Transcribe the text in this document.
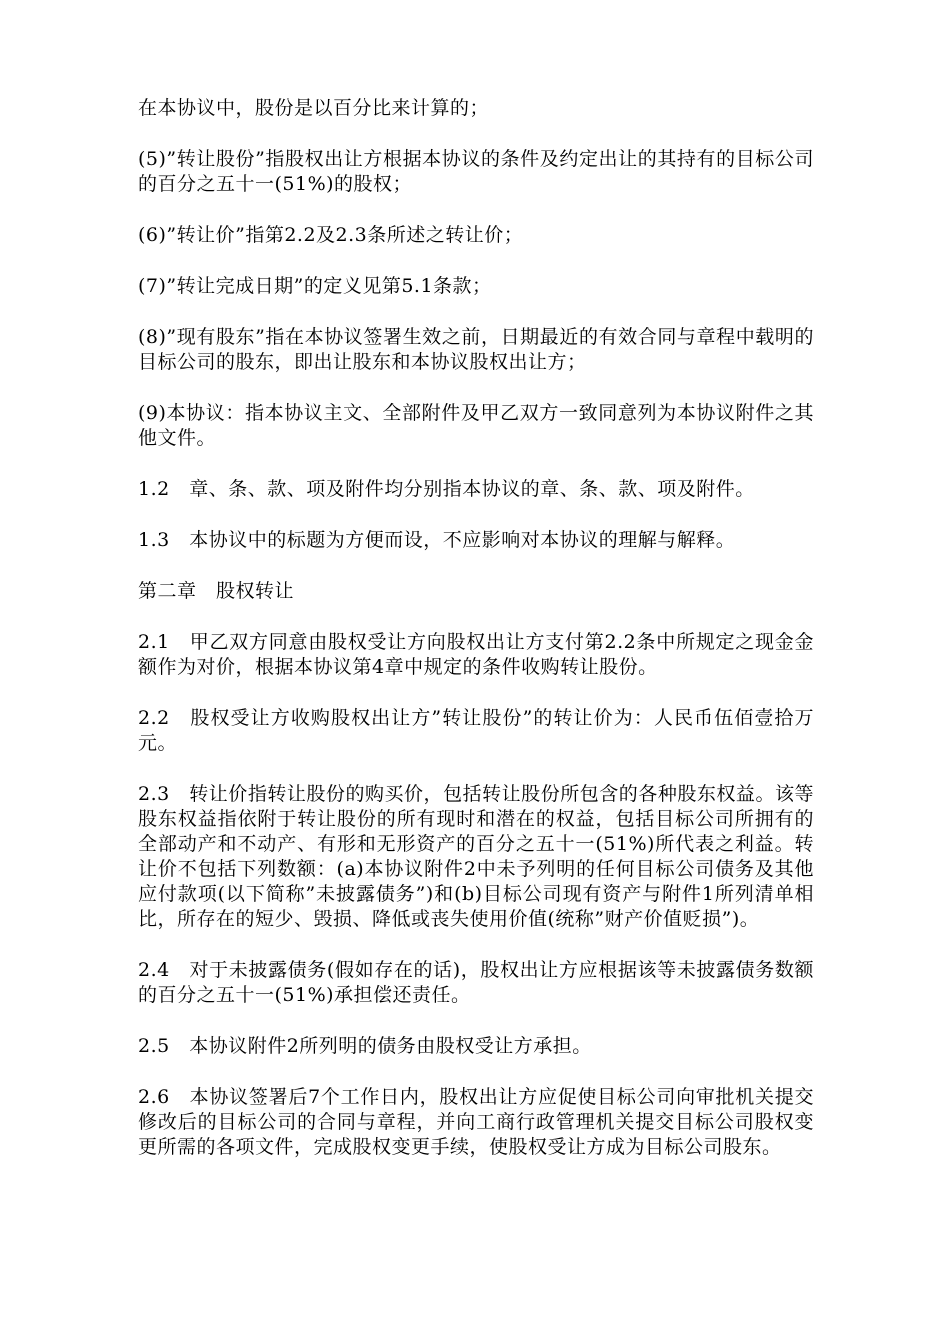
在本协议中，股份是以百分比来计算的；

(5)”转让股份”指股权出让方根据本协议的条件及约定出让的其持有的目标公司的百分之五十一(51%)的股权；

(6)”转让价”指第2.2及2.3条所述之转让价；

(7)”转让完成日期”的定义见第5.1条款；

(8)”现有股东”指在本协议签署生效之前，日期最近的有效合同与章程中载明的目标公司的股东，即出让股东和本协议股权出让方；

(9)本协议：指本协议主文、全部附件及甲乙双方一致同意列为本协议附件之其他文件。

1.2　章、条、款、项及附件均分别指本协议的章、条、款、项及附件。

1.3　本协议中的标题为方便而设，不应影响对本协议的理解与解释。

第二章　股权转让

2.1　甲乙双方同意由股权受让方向股权出让方支付第2.2条中所规定之现金金额作为对价，根据本协议第4章中规定的条件收购转让股份。

2.2　股权受让方收购股权出让方”转让股份”的转让价为：人民币伍佰壹拾万元。

2.3　转让价指转让股份的购买价，包括转让股份所包含的各种股东权益。该等股东权益指依附于转让股份的所有现时和潜在的权益，包括目标公司所拥有的全部动产和不动产、有形和无形资产的百分之五十一(51%)所代表之利益。转让价不包括下列数额：(a)本协议附件2中未予列明的任何目标公司债务及其他应付款项(以下简称”未披露债务”)和(b)目标公司现有资产与附件1所列清单相比，所存在的短少、毁损、降低或丧失使用价值(统称”财产价值贬损”)。

2.4　对于未披露债务(假如存在的话)，股权出让方应根据该等未披露债务数额的百分之五十一(51%)承担偿还责任。

2.5　本协议附件2所列明的债务由股权受让方承担。

2.6　本协议签署后7个工作日内，股权出让方应促使目标公司向审批机关提交修改后的目标公司的合同与章程，并向工商行政管理机关提交目标公司股权变更所需的各项文件，完成股权变更手续，使股权受让方成为目标公司股东。
